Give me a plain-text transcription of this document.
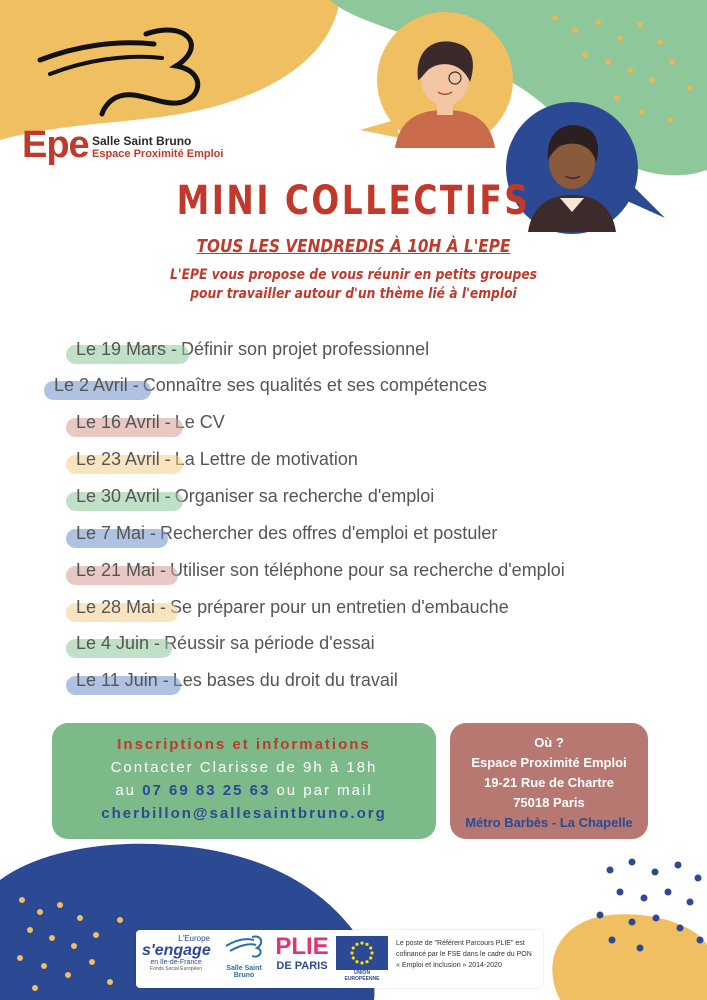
Epe Salle Saint Bruno
Espace Proximité Emploi
MINI COLLECTIFS
TOUS LES VENDREDIS À 10H À L'EPE
L'EPE vous propose de vous réunir en petits groupes
pour travailler autour d'un thème lié à l'emploi
Le 19 Mars - Définir son projet professionnel
Le 2 Avril - Connaître ses qualités et ses compétences
Le 16 Avril - Le CV
Le 23 Avril - La Lettre de motivation
Le 30 Avril - Organiser sa recherche d'emploi
Le 7 Mai - Rechercher des offres d'emploi et postuler
Le 21 Mai - Utiliser son téléphone pour sa recherche d'emploi
Le 28 Mai - Se préparer pour un entretien d'embauche
Le 4 Juin - Réussir sa période d'essai
Le 11 Juin - Les bases du droit du travail
Inscriptions et informations
Contacter Clarisse de 9h à 18h
au 07 69 83 25 63 ou par mail
cherbillon@sallesaintbruno.org
Où ?
Espace Proximité Emploi
19-21 Rue de Chartre
75018 Paris
Métro Barbès - La Chapelle
L'Europe
s'engage
en Ile-de-France
Fonds Social Européen	Salle Saint Bruno
PLIE
DE PARIS
UNION EUROPÉENNE
Le poste de "Référent Parcours PLIE" est
cofinancé par le FSE dans le cadre du PON
« Emploi et Inclusion » 2014-2020
